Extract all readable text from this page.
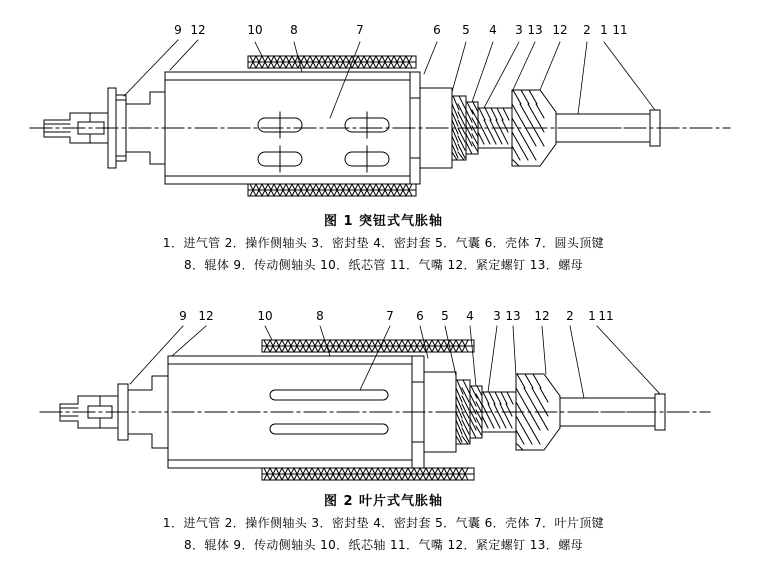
9 12	10 8	7	6 5 4 3 13 12 2 1 11
图 1 突钮式气胀轴
1．进气管 2．操作侧轴头 3．密封垫 4．密封套 5．气囊 6．壳体 7．圆头顶键
8．辊体 9．传动侧轴头 10．纸芯管 11．气嘴 12．紧定螺钉 13．螺母
9 12	10	8	7 6 5 4 3 13 12 2 1 11
图 2 叶片式气胀轴
1．进气管 2．操作侧轴头 3．密封垫 4．密封套 5．气囊 6．壳体 7．叶片顶键
8．辊体 9．传动侧轴头 10．纸芯轴 11．气嘴 12．紧定螺钉 13．螺母
